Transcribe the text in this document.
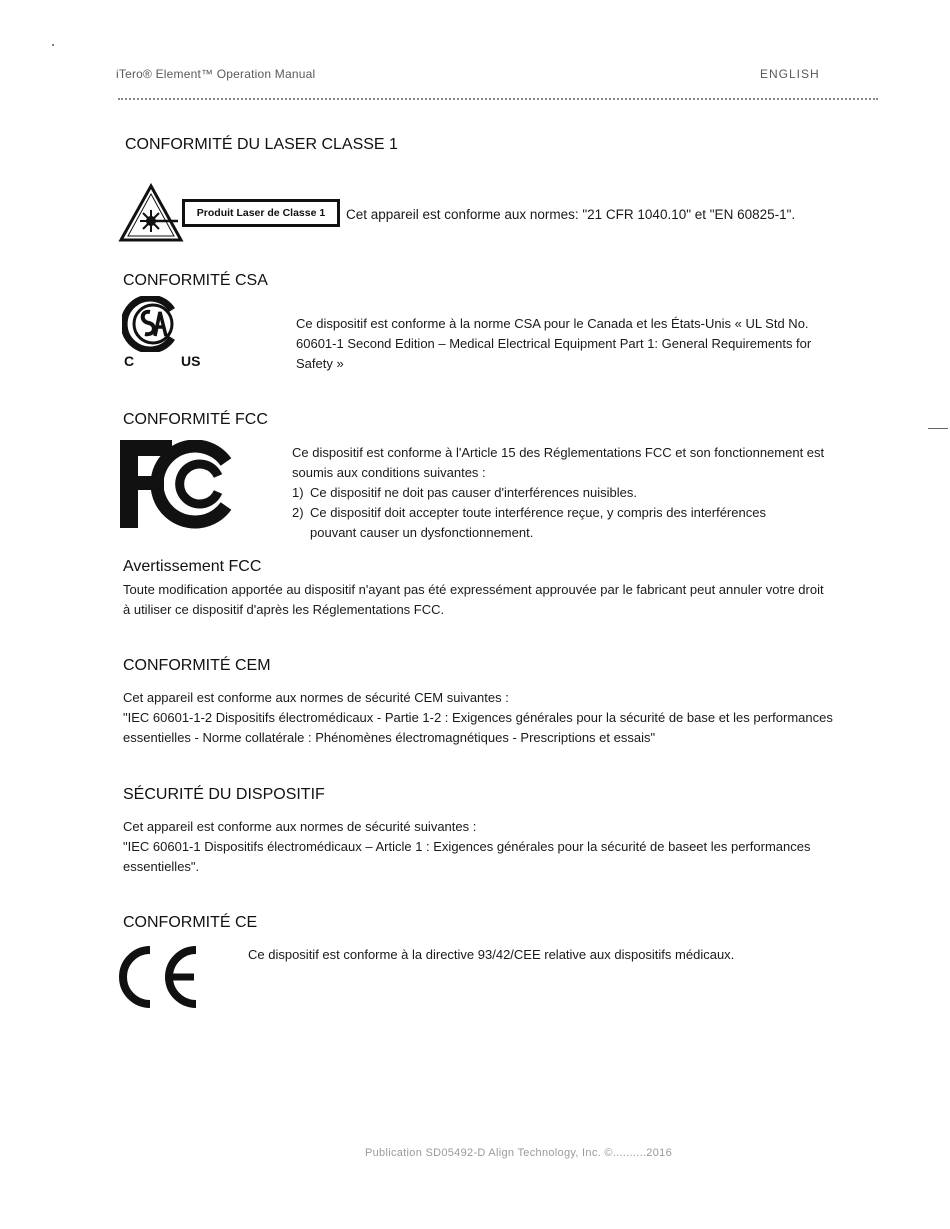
iTero® Element™ Operation Manual	ENGLISH
CONFORMITÉ DU LASER CLASSE 1
Produit Laser de Classe 1	Cet appareil est conforme aux normes: "21 CFR 1040.10" et "EN 60825-1".
CONFORMITÉ CSA
C	US
Ce dispositif est conforme à la norme CSA pour le Canada et les États-Unis « UL Std No. 60601-1 Second Edition – Medical Electrical Equipment Part 1: General Requirements for Safety »
CONFORMITÉ FCC
Ce dispositif est conforme à l'Article 15 des Réglementations FCC et son fonctionnement est soumis aux conditions suivantes :
1) Ce dispositif ne doit pas causer d'interférences nuisibles.
2) Ce dispositif doit accepter toute interférence reçue, y compris des interférences pouvant causer un dysfonctionnement.
Avertissement FCC
Toute modification apportée au dispositif n'ayant pas été expressément approuvée par le fabricant peut annuler votre droit à utiliser ce dispositif d'après les Réglementations FCC.
CONFORMITÉ CEM
Cet appareil est conforme aux normes de sécurité CEM suivantes :
"IEC 60601-1-2 Dispositifs électromédicaux - Partie 1-2 : Exigences générales pour la sécurité de base et les performances essentielles - Norme collatérale : Phénomènes électromagnétiques - Prescriptions et essais"
SÉCURITÉ DU DISPOSITIF
Cet appareil est conforme aux normes de sécurité suivantes :
"IEC 60601-1 Dispositifs électromédicaux – Article 1 : Exigences générales pour la sécurité de baseet les performances essentielles".
CONFORMITÉ CE
Ce dispositif est conforme à la directive 93/42/CEE relative aux dispositifs médicaux.
Publication SD05492-D Align Technology, Inc. ©..........2016
